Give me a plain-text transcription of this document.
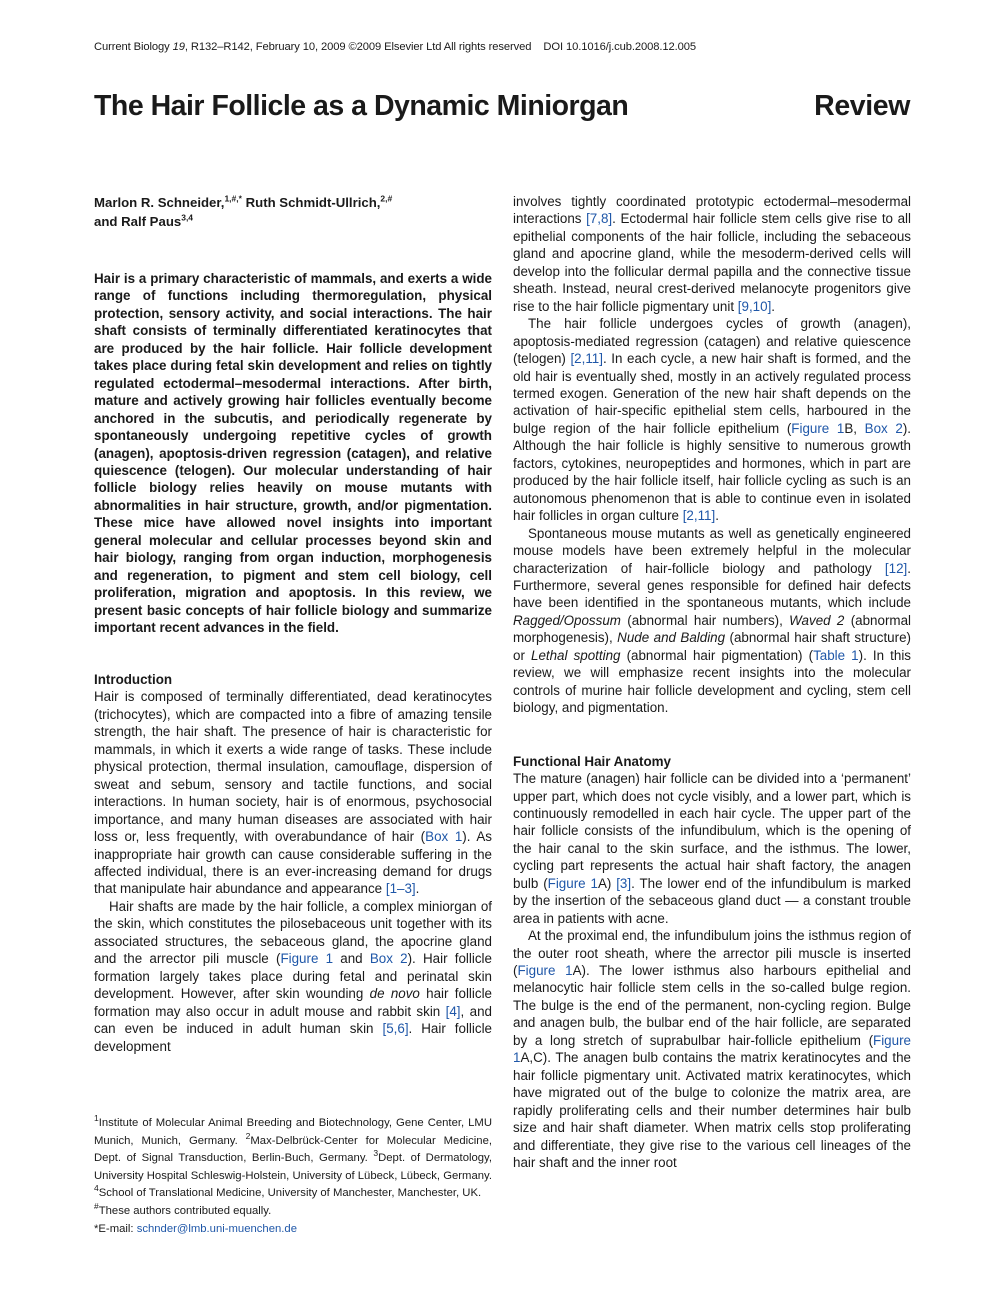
Current Biology 19, R132–R142, February 10, 2009 ©2009 Elsevier Ltd All rights reserved DOI 10.1016/j.cub.2008.12.005
The Hair Follicle as a Dynamic Miniorgan	Review
Marlon R. Schneider,$^{1,\#,*}$ Ruth Schmidt-Ullrich,$^{2,\#}$
and Ralf Paus$^{3,4}$

Hair is a primary characteristic of mammals, and exerts a wide range of functions including thermoregulation, physical protection, sensory activity, and social interactions. The hair shaft consists of terminally differentiated keratinocytes that are produced by the hair follicle. Hair follicle development takes place during fetal skin development and relies on tightly regulated ectodermal–mesodermal interactions. After birth, mature and actively growing hair follicles eventually become anchored in the subcutis, and periodically regenerate by spontaneously undergoing repetitive cycles of growth (anagen), apoptosis-driven regression (catagen), and relative quiescence (telogen). Our molecular understanding of hair follicle biology relies heavily on mouse mutants with abnormalities in hair structure, growth, and/or pigmentation. These mice have allowed novel insights into important general molecular and cellular processes beyond skin and hair biology, ranging from organ induction, morphogenesis and regeneration, to pigment and stem cell biology, cell proliferation, migration and apoptosis. In this review, we present basic concepts of hair follicle biology and summarize important recent advances in the field.

Introduction

Hair is composed of terminally differentiated, dead keratinocytes (trichocytes), which are compacted into a fibre of amazing tensile strength, the hair shaft. The presence of hair is characteristic for mammals, in which it exerts a wide range of tasks. These include physical protection, thermal insulation, camouflage, dispersion of sweat and sebum, sensory and tactile functions, and social interactions. In human society, hair is of enormous, psychosocial importance, and many human diseases are associated with hair loss or, less frequently, with overabundance of hair (Box 1). As inappropriate hair growth can cause considerable suffering in the affected individual, there is an ever-increasing demand for drugs that manipulate hair abundance and appearance [1–3].

Hair shafts are made by the hair follicle, a complex miniorgan of the skin, which constitutes the pilosebaceous unit together with its associated structures, the sebaceous gland, the apocrine gland and the arrector pili muscle (Figure 1 and Box 2). Hair follicle formation largely takes place during fetal and perinatal skin development. However, after skin wounding de novo hair follicle formation may also occur in adult mouse and rabbit skin [4], and can even be induced in adult human skin [5,6]. Hair follicle development

$^1$Institute of Molecular Animal Breeding and Biotechnology, Gene Center, LMU Munich, Munich, Germany. $^2$Max-Delbrück-Center for Molecular Medicine, Dept. of Signal Transduction, Berlin-Buch, Germany. $^3$Dept. of Dermatology, University Hospital Schleswig-Holstein, University of Lübeck, Lübeck, Germany. $^4$School of Translational Medicine, University of Manchester, Manchester, UK.
#These authors contributed equally.
*E-mail: schnder@lmb.uni-muenchen.de

involves tightly coordinated prototypic ectodermal–mesodermal interactions [7,8]. Ectodermal hair follicle stem cells give rise to all epithelial components of the hair follicle, including the sebaceous gland and apocrine gland, while the mesoderm-derived cells will develop into the follicular dermal papilla and the connective tissue sheath. Instead, neural crest-derived melanocyte progenitors give rise to the hair follicle pigmentary unit [9,10].

The hair follicle undergoes cycles of growth (anagen), apoptosis-mediated regression (catagen) and relative quiescence (telogen) [2,11]. In each cycle, a new hair shaft is formed, and the old hair is eventually shed, mostly in an actively regulated process termed exogen. Generation of the new hair shaft depends on the activation of hair-specific epithelial stem cells, harboured in the bulge region of the hair follicle epithelium (Figure 1B, Box 2). Although the hair follicle is highly sensitive to numerous growth factors, cytokines, neuropeptides and hormones, which in part are produced by the hair follicle itself, hair follicle cycling as such is an autonomous phenomenon that is able to continue even in isolated hair follicles in organ culture [2,11].

Spontaneous mouse mutants as well as genetically engineered mouse models have been extremely helpful in the molecular characterization of hair-follicle biology and pathology [12]. Furthermore, several genes responsible for defined hair defects have been identified in the spontaneous mutants, which include Ragged/Opossum (abnormal hair numbers), Waved 2 (abnormal morphogenesis), Nude and Balding (abnormal hair shaft structure) or Lethal spotting (abnormal hair pigmentation) (Table 1). In this review, we will emphasize recent insights into the molecular controls of murine hair follicle development and cycling, stem cell biology, and pigmentation.

Functional Hair Anatomy

The mature (anagen) hair follicle can be divided into a ‘permanent’ upper part, which does not cycle visibly, and a lower part, which is continuously remodelled in each hair cycle. The upper part of the hair follicle consists of the infundibulum, which is the opening of the hair canal to the skin surface, and the isthmus. The lower, cycling part represents the actual hair shaft factory, the anagen bulb (Figure 1A) [3]. The lower end of the infundibulum is marked by the insertion of the sebaceous gland duct — a constant trouble area in patients with acne.

At the proximal end, the infundibulum joins the isthmus region of the outer root sheath, where the arrector pili muscle is inserted (Figure 1A). The lower isthmus also harbours epithelial and melanocytic hair follicle stem cells in the so-called bulge region. The bulge is the end of the permanent, non-cycling region. Bulge and anagen bulb, the bulbar end of the hair follicle, are separated by a long stretch of suprabulbar hair-follicle epithelium (Figure 1A,C). The anagen bulb contains the matrix keratinocytes and the hair follicle pigmentary unit. Activated matrix keratinocytes, which have migrated out of the bulge to colonize the matrix area, are rapidly proliferating cells and their number determines hair bulb size and hair shaft diameter. When matrix cells stop proliferating and differentiate, they give rise to the various cell lineages of the hair shaft and the inner root
